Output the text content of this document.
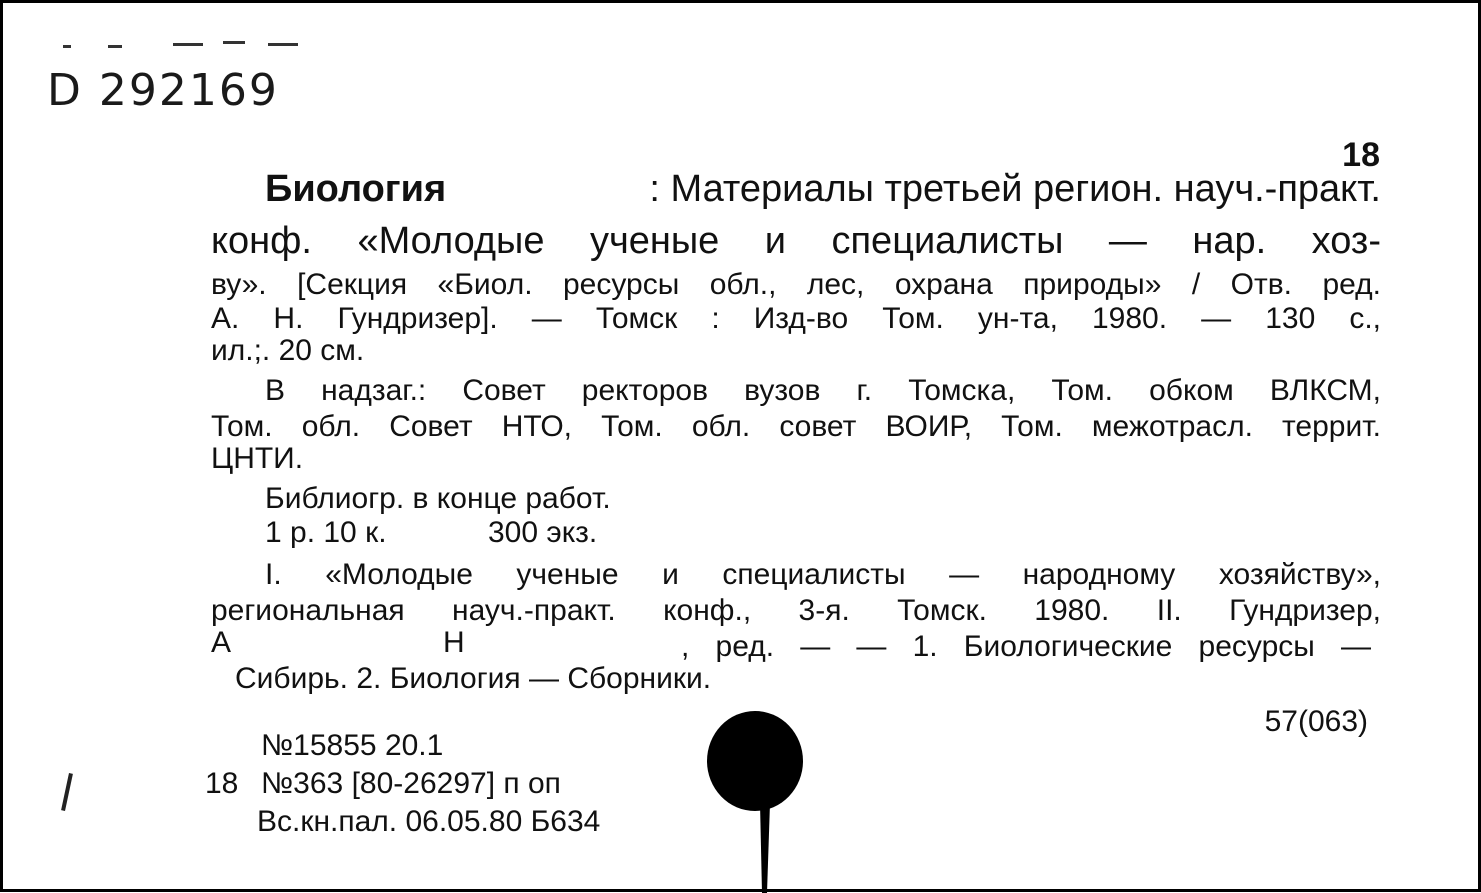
D 292169
18
Биология	: Материалы третьей регион. науч.-практ.
конф. «Молодые ученые и специалисты — нар. хоз-
ву». [Секция «Биол. ресурсы обл., лес, охрана природы» / Отв. ред.
А. Н. Гундризер]. — Томск : Изд-во Том. ун-та, 1980. — 130 с.,
ил.;. 20 см.
В надзаг.: Совет ректоров вузов г. Томска, Том. обком ВЛКСМ,
Том. обл. Совет НТО, Том. обл. совет ВОИР, Том. межотрасл. террит.
ЦНТИ.
Библиогр. в конце работ.
1 р. 10 к.	300 экз.
I. «Молодые ученые и специалисты — народному хозяйству»,
региональная науч.-практ. конф., 3-я. Томск. 1980. II. Гундризер,
А	Н	, ред. — — 1. Биологические ресурсы —
Сибирь. 2. Биология — Сборники.
57(063)
№15855 20.1
18 №363 [80-26297] п оп
Вс.кн.пал. 06.05.80 Б634
